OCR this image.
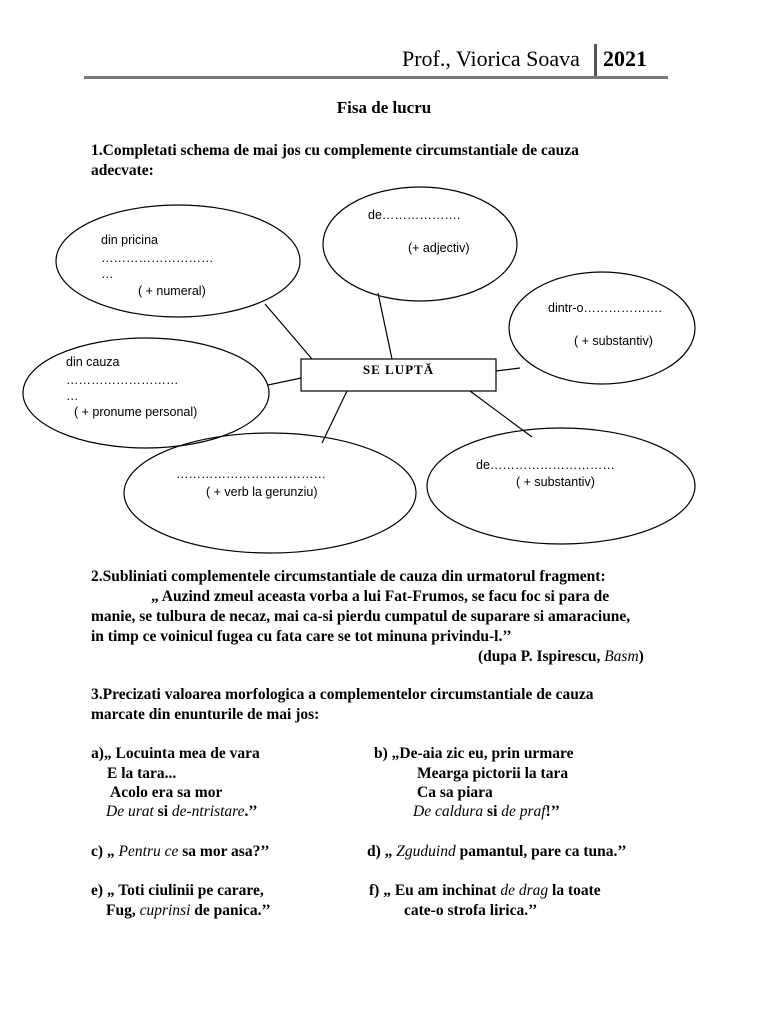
Prof., Viorica Soava 2021
Fisa de lucru
1.Completati schema de mai jos cu complemente circumstantiale de cauza
adecvate:
SE LUPTĂ
de……………….
(+ adjectiv)
din pricina
………………………
…
( + numeral)
dintr-o……………….
( + substantiv)
din cauza
………………………
…
( + pronume personal)
………………………………
( + verb la gerunziu)
de…………………………
( + substantiv)
2.Subliniati complementele circumstantiale de cauza din urmatorul fragment:
„ Auzind zmeul aceasta vorba a lui Fat-Frumos, se facu foc si para de
manie, se tulbura de necaz, mai ca-si pierdu cumpatul de suparare si amaraciune,
in timp ce voinicul fugea cu fata care se tot minuna privindu-l.’’
(dupa P. Ispirescu, Basm)
3.Precizati valoarea morfologica a complementelor circumstantiale de cauza
marcate din enunturile de mai jos:
a)„ Locuinta mea de vara
E la tara...
Acolo era sa mor
De urat si de-ntristare.’’
b) „De-aia zic eu, prin urmare
Mearga pictorii la tara
Ca sa piara
De caldura si de praf!’’
c) „ Pentru ce sa mor asa?’’	d) „ Zguduind pamantul, pare ca tuna.’’
e) „ Toti ciulinii pe carare,
Fug, cuprinsi de panica.’’
f) „ Eu am inchinat de drag la toate
cate-o strofa lirica.’’
